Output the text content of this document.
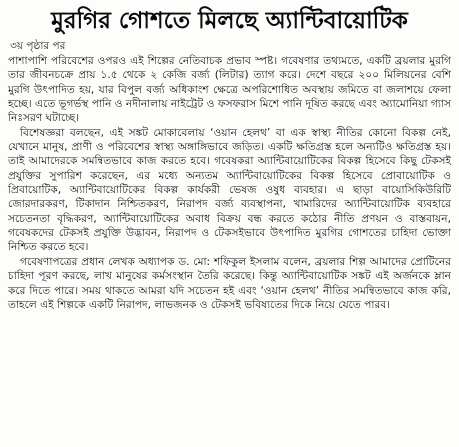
মুরগির গোশতে মিলছে অ্যান্টিবায়োটিক
৩য় পৃষ্ঠার পর

পাশাপাশি পরিবেশের ওপরও এই শিল্পের নেতিবাচক প্রভাব স্পষ্ট। গবেষণার তথ্যমতে, একটি ব্রয়লার মুরগি তার জীবনচক্রে প্রায় ১.৫ থেকে ২ কেজি বর্জ্য (লিটার) ত্যাগ করে। দেশে বছরে ২০০ মিলিয়নের বেশি মুরগি উৎপাদিত হয়, যার বিপুল বর্জ্য অধিকাংশ ক্ষেত্রে অপরিশোধিত অবস্থায় জমিতে বা জলাশয়ে ফেলা হচ্ছে। এতে ভূগর্ভস্থ পানি ও নদীনালায় নাইট্রেট ও ফসফরাস মিশে পানি দূষিত করছে এবং অ্যামোনিয়া গ্যাস নিঃসরণ ঘটাচ্ছে।

বিশেষজ্ঞরা বলছেন, এই সঙ্কট মোকাবেলায় ‘ওয়ান হেলথ’ বা এক স্বাস্থ্য নীতির কোনো বিকল্প নেই, যেখানে মানুষ, প্রাণী ও পরিবেশের স্বাস্থ্য অঙ্গাঙ্গিভাবে জড়িত। একটি ক্ষতিগ্রস্ত হলে অন্যটিও ক্ষতিগ্রস্ত হয়। তাই আমাদেরকে সমন্বিতভাবে কাজ করতে হবে। গবেষকরা অ্যান্টিবায়োটিকের বিকল্প হিসেবে কিছু টেকসই প্রযুক্তির সুপারিশ করেছেন, এর মধ্যে অন্যতম অ্যান্টিবায়োটিকের বিকল্প হিসেবে প্রোবায়োটিক ও প্রিবায়োটিক, অ্যান্টিবায়োটিকের বিকল্প কার্যকরী ভেষজ ওষুধ ব্যবহার। এ ছাড়া বায়োসিকিউরিটি জোরদারকরণ, টিকাদান নিশ্চিতকরণ, নিরাপদ বর্জ্য ব্যবস্থাপনা, খামারিদের অ্যান্টিবায়োটিক ব্যবহারে সচেতনতা বৃদ্ধিকরণ, অ্যান্টিবায়োটিকের অবাধ বিক্রয় বন্ধ করতে কঠোর নীতি প্রণয়ন ও বাস্তবায়ন, গবেষকদের টেকসই প্রযুক্তি উদ্ভাবন, নিরাপদ ও টেকসইভাবে উৎপাদিত মুরগির গোশতের চাহিদা ভোক্তা নিশ্চিত করতে হবে।

গবেষণাপত্রের প্রধান লেখক অধ্যাপক ড. মো: শফিকুল ইসলাম বলেন, ব্রয়লার শিল্প আমাদের প্রোটিনের চাহিদা পূরণ করছে, লাখ মানুষের কর্মসংস্থান তৈরি করেছে। কিন্তু অ্যান্টিবায়োটিক সঙ্কট এই অর্জনকে ম্লান করে দিতে পারে। সময় থাকতে আমরা যদি সচেতন হই এবং ‘ওয়ান হেলথ’ নীতির সমন্বিতভাবে কাজ করি, তাহলে এই শিল্পকে একটি নিরাপদ, লাভজনক ও টেকসই ভবিষ্যতের দিকে নিয়ে যেতে পারব।
